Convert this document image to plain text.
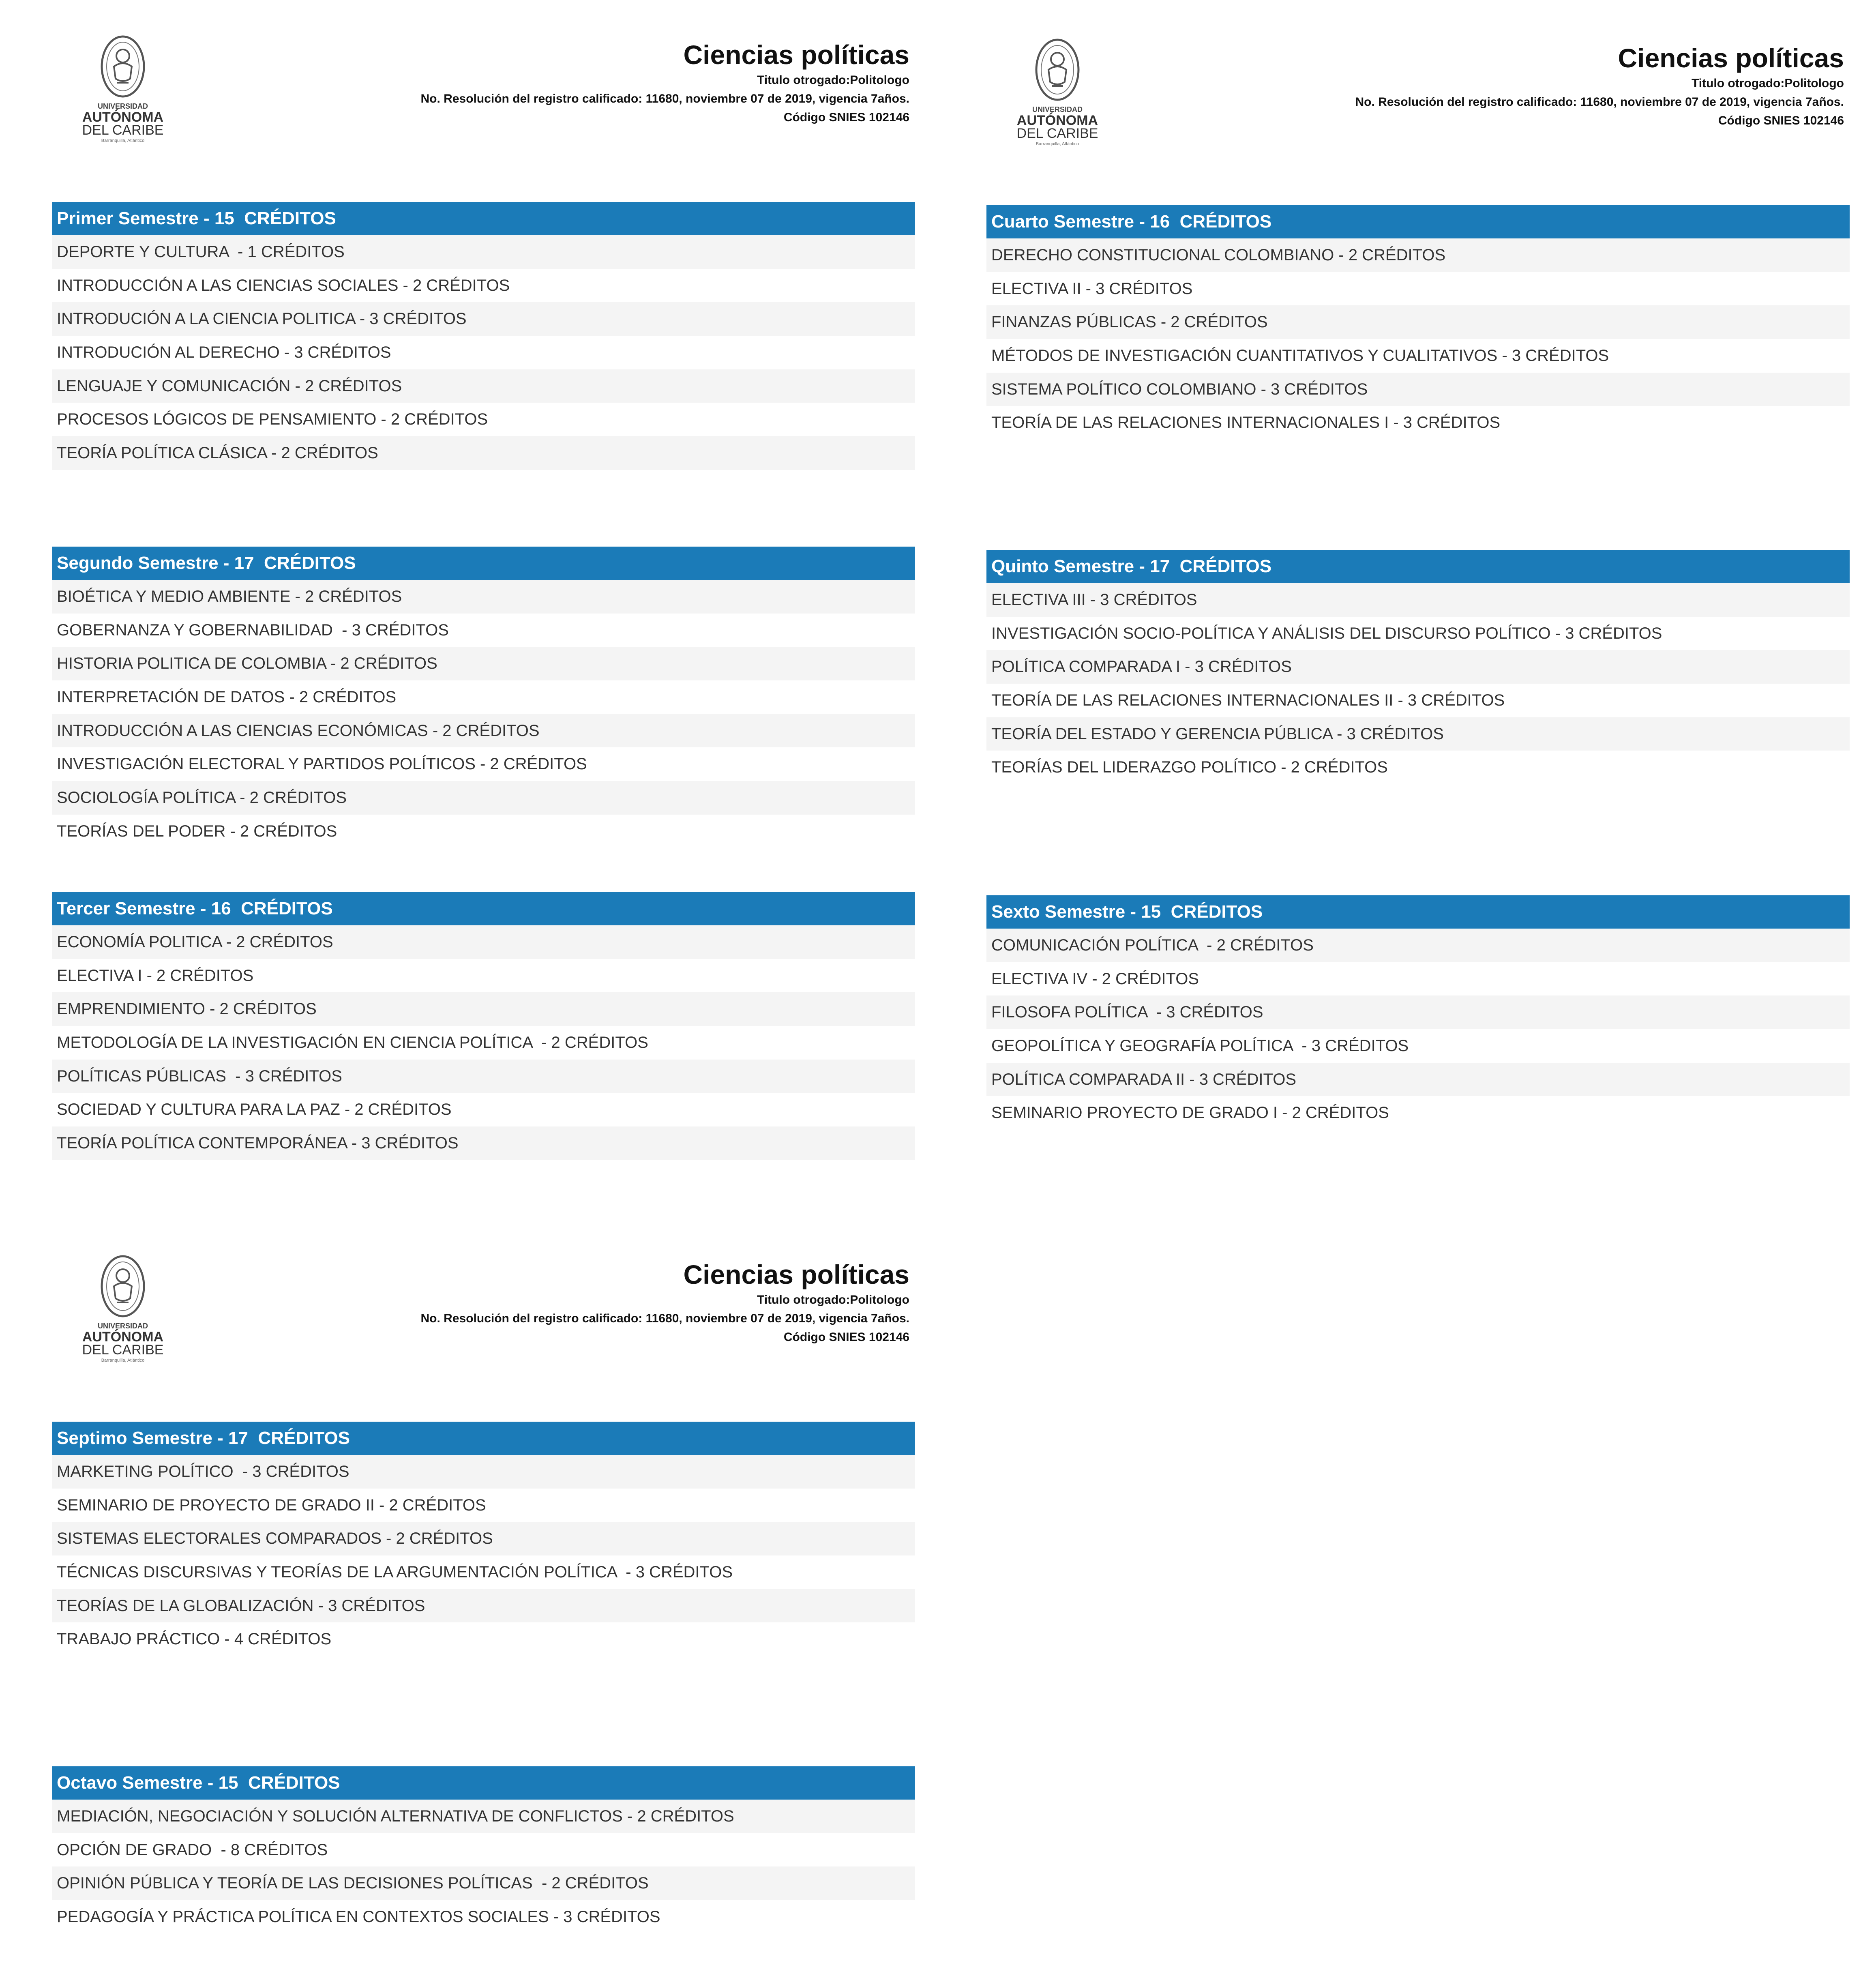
UNIVERSIDAD
AUTÓNOMA
DEL CARIBE
Barranquilla, Atlántico
Ciencias políticas
Titulo otrogado:Politologo
No. Resolución del registro calificado: 11680, noviembre 07 de 2019, vigencia 7años.
Código SNIES 102146
Primer Semestre - 15  CRÉDITOS
DEPORTE Y CULTURA  - 1 CRÉDITOS
INTRODUCCIÓN A LAS CIENCIAS SOCIALES - 2 CRÉDITOS
INTRODUCIÓN A LA CIENCIA POLITICA - 3 CRÉDITOS
INTRODUCIÓN AL DERECHO - 3 CRÉDITOS
LENGUAJE Y COMUNICACIÓN - 2 CRÉDITOS
PROCESOS LÓGICOS DE PENSAMIENTO - 2 CRÉDITOS
TEORÍA POLÍTICA CLÁSICA - 2 CRÉDITOS
Segundo Semestre - 17  CRÉDITOS
BIOÉTICA Y MEDIO AMBIENTE - 2 CRÉDITOS
GOBERNANZA Y GOBERNABILIDAD  - 3 CRÉDITOS
HISTORIA POLITICA DE COLOMBIA - 2 CRÉDITOS
INTERPRETACIÓN DE DATOS - 2 CRÉDITOS
INTRODUCCIÓN A LAS CIENCIAS ECONÓMICAS - 2 CRÉDITOS
INVESTIGACIÓN ELECTORAL Y PARTIDOS POLÍTICOS - 2 CRÉDITOS
SOCIOLOGÍA POLÍTICA - 2 CRÉDITOS
TEORÍAS DEL PODER - 2 CRÉDITOS
Tercer Semestre - 16  CRÉDITOS
ECONOMÍA POLITICA - 2 CRÉDITOS
ELECTIVA I - 2 CRÉDITOS
EMPRENDIMIENTO - 2 CRÉDITOS
METODOLOGÍA DE LA INVESTIGACIÓN EN CIENCIA POLÍTICA  - 2 CRÉDITOS
POLÍTICAS PÚBLICAS  - 3 CRÉDITOS
SOCIEDAD Y CULTURA PARA LA PAZ - 2 CRÉDITOS
TEORÍA POLÍTICA CONTEMPORÁNEA - 3 CRÉDITOS
UNIVERSIDAD
AUTÓNOMA
DEL CARIBE
Barranquilla, Atlántico
Ciencias políticas
Titulo otrogado:Politologo
No. Resolución del registro calificado: 11680, noviembre 07 de 2019, vigencia 7años.
Código SNIES 102146
Cuarto Semestre - 16  CRÉDITOS
DERECHO CONSTITUCIONAL COLOMBIANO - 2 CRÉDITOS
ELECTIVA II - 3 CRÉDITOS
FINANZAS PÚBLICAS - 2 CRÉDITOS
MÉTODOS DE INVESTIGACIÓN CUANTITATIVOS Y CUALITATIVOS - 3 CRÉDITOS
SISTEMA POLÍTICO COLOMBIANO - 3 CRÉDITOS
TEORÍA DE LAS RELACIONES INTERNACIONALES I - 3 CRÉDITOS
Quinto Semestre - 17  CRÉDITOS
ELECTIVA III - 3 CRÉDITOS
INVESTIGACIÓN SOCIO-POLÍTICA Y ANÁLISIS DEL DISCURSO POLÍTICO - 3 CRÉDITOS
POLÍTICA COMPARADA I - 3 CRÉDITOS
TEORÍA DE LAS RELACIONES INTERNACIONALES II - 3 CRÉDITOS
TEORÍA DEL ESTADO Y GERENCIA PÚBLICA - 3 CRÉDITOS
TEORÍAS DEL LIDERAZGO POLÍTICO - 2 CRÉDITOS
Sexto Semestre - 15  CRÉDITOS
COMUNICACIÓN POLÍTICA  - 2 CRÉDITOS
ELECTIVA IV - 2 CRÉDITOS
FILOSOFA POLÍTICA  - 3 CRÉDITOS
GEOPOLÍTICA Y GEOGRAFÍA POLÍTICA  - 3 CRÉDITOS
POLÍTICA COMPARADA II - 3 CRÉDITOS
SEMINARIO PROYECTO DE GRADO I - 2 CRÉDITOS
UNIVERSIDAD
AUTÓNOMA
DEL CARIBE
Barranquilla, Atlántico
Ciencias políticas
Titulo otrogado:Politologo
No. Resolución del registro calificado: 11680, noviembre 07 de 2019, vigencia 7años.
Código SNIES 102146
Septimo Semestre - 17  CRÉDITOS
MARKETING POLÍTICO  - 3 CRÉDITOS
SEMINARIO DE PROYECTO DE GRADO II - 2 CRÉDITOS
SISTEMAS ELECTORALES COMPARADOS - 2 CRÉDITOS
TÉCNICAS DISCURSIVAS Y TEORÍAS DE LA ARGUMENTACIÓN POLÍTICA  - 3 CRÉDITOS
TEORÍAS DE LA GLOBALIZACIÓN - 3 CRÉDITOS
TRABAJO PRÁCTICO - 4 CRÉDITOS
Octavo Semestre - 15  CRÉDITOS
MEDIACIÓN, NEGOCIACIÓN Y SOLUCIÓN ALTERNATIVA DE CONFLICTOS - 2 CRÉDITOS
OPCIÓN DE GRADO  - 8 CRÉDITOS
OPINIÓN PÚBLICA Y TEORÍA DE LAS DECISIONES POLÍTICAS  - 2 CRÉDITOS
PEDAGOGÍA Y PRÁCTICA POLÍTICA EN CONTEXTOS SOCIALES - 3 CRÉDITOS
